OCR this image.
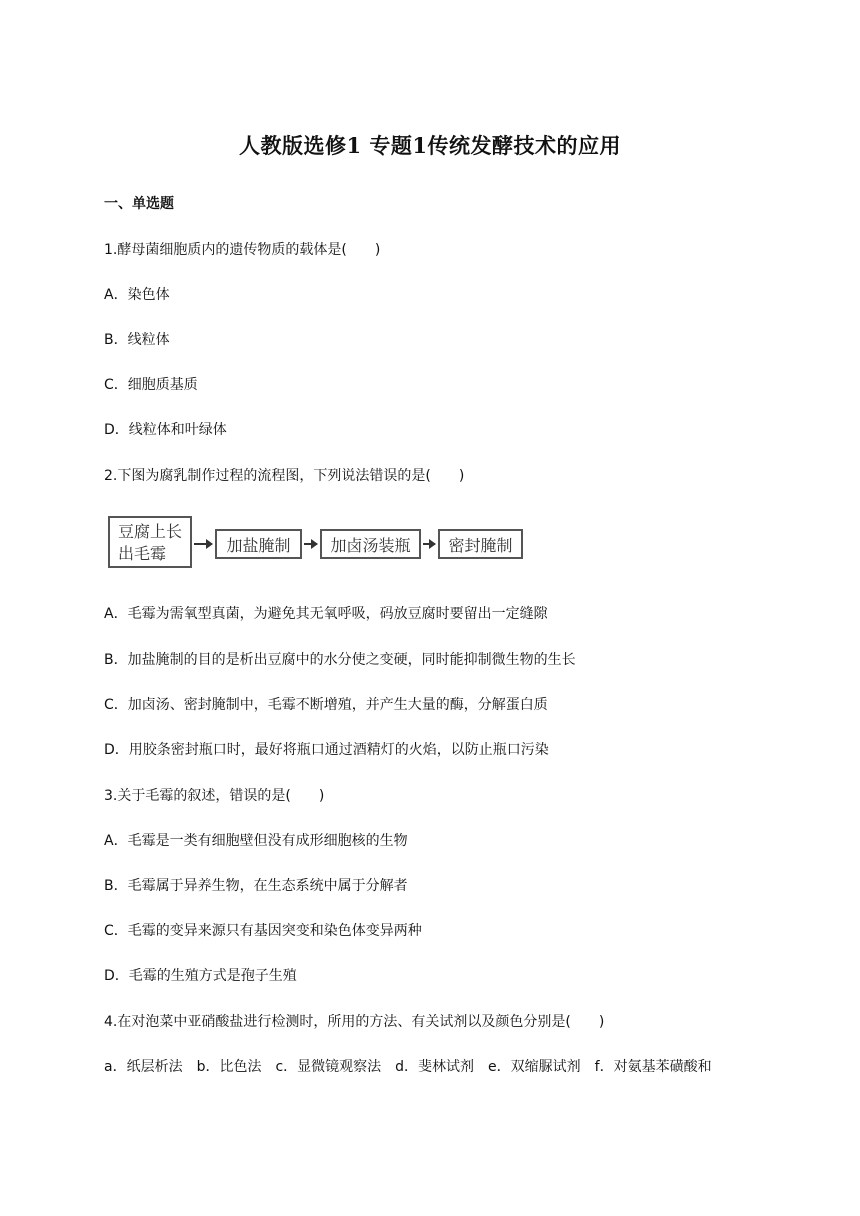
人教版选修1 专题1传统发酵技术的应用
一、单选题
1.酵母菌细胞质内的遗传物质的载体是(　　)
A．染色体
B．线粒体
C．细胞质基质
D．线粒体和叶绿体
2.下图为腐乳制作过程的流程图，下列说法错误的是(　　)
豆腐上长
出毛霉	加盐腌制	加卤汤装瓶	密封腌制
A．毛霉为需氧型真菌，为避免其无氧呼吸，码放豆腐时要留出一定缝隙
B．加盐腌制的目的是析出豆腐中的水分使之变硬，同时能抑制微生物的生长
C．加卤汤、密封腌制中，毛霉不断增殖，并产生大量的酶，分解蛋白质
D．用胶条密封瓶口时，最好将瓶口通过酒精灯的火焰，以防止瓶口污染
3.关于毛霉的叙述，错误的是(　　)
A．毛霉是一类有细胞壁但没有成形细胞核的生物
B．毛霉属于异养生物，在生态系统中属于分解者
C．毛霉的变异来源只有基因突变和染色体变异两种
D．毛霉的生殖方式是孢子生殖
4.在对泡菜中亚硝酸盐进行检测时，所用的方法、有关试剂以及颜色分别是(　　)
a．纸层析法　b．比色法　c．显微镜观察法　d．斐林试剂　e．双缩脲试剂　f．对氨基苯磺酸和
